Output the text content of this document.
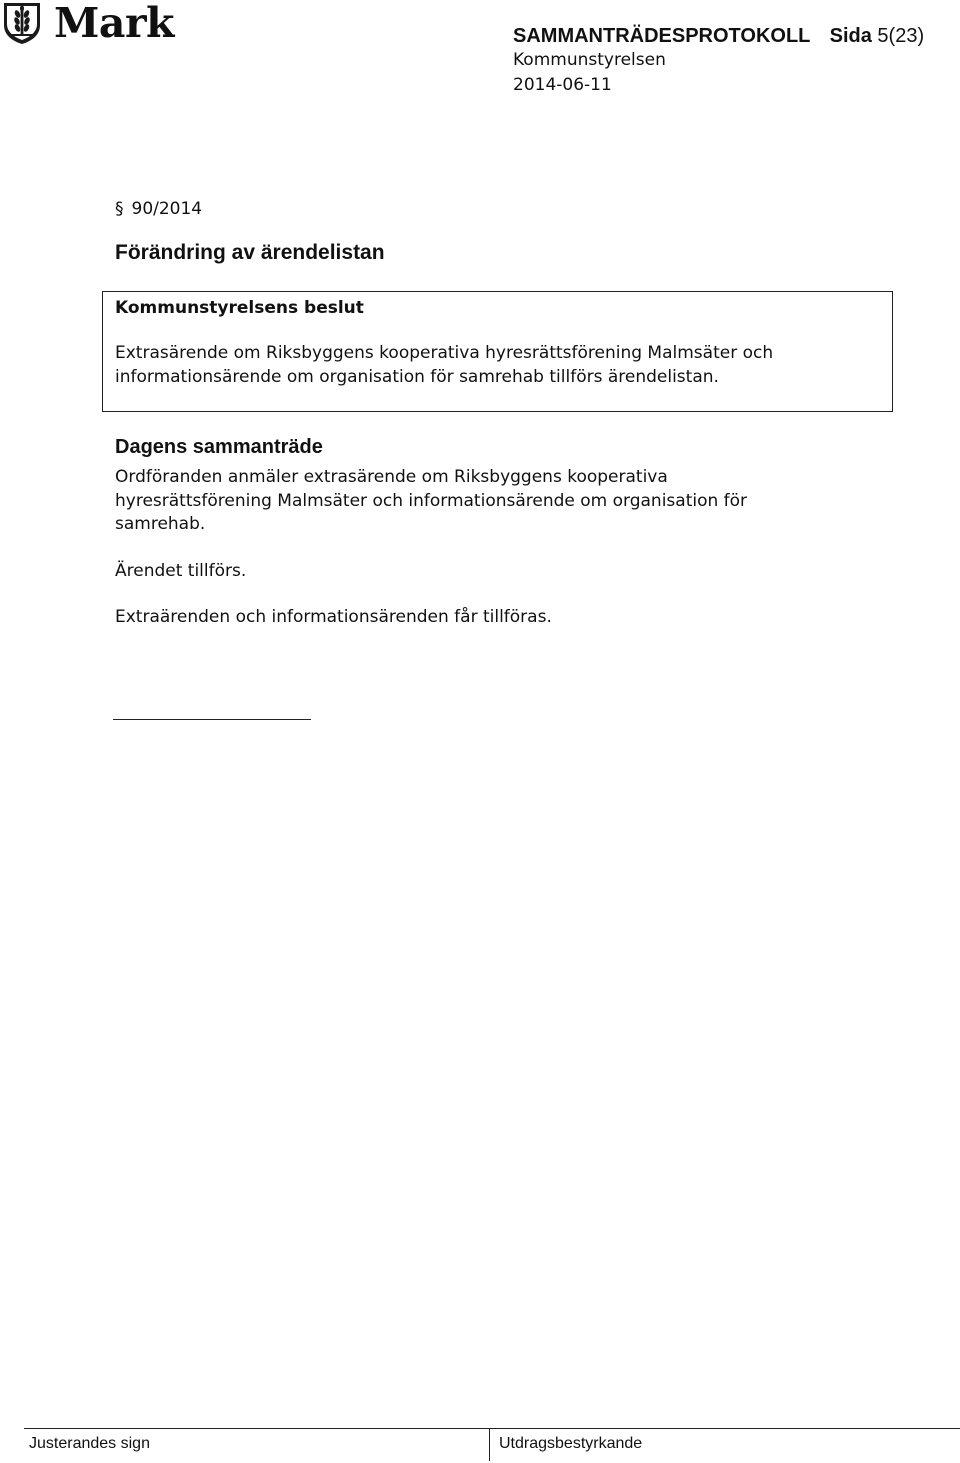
Mark	SAMMANTRÄDESPROTOKOLL Sida 5(23)
Kommunstyrelsen
2014-06-11
§ 90/2014
Förändring av ärendelistan
Kommunstyrelsens beslut
Extrasärende om Riksbyggens kooperativa hyresrättsförening Malmsäter och
informationsärende om organisation för samrehab tillförs ärendelistan.
Dagens sammanträde
Ordföranden anmäler extrasärende om Riksbyggens kooperativa
hyresrättsförening Malmsäter och informationsärende om organisation för
samrehab.
Ärendet tillförs.
Extraärenden och informationsärenden får tillföras.
Justerandes sign	Utdragsbestyrkande
